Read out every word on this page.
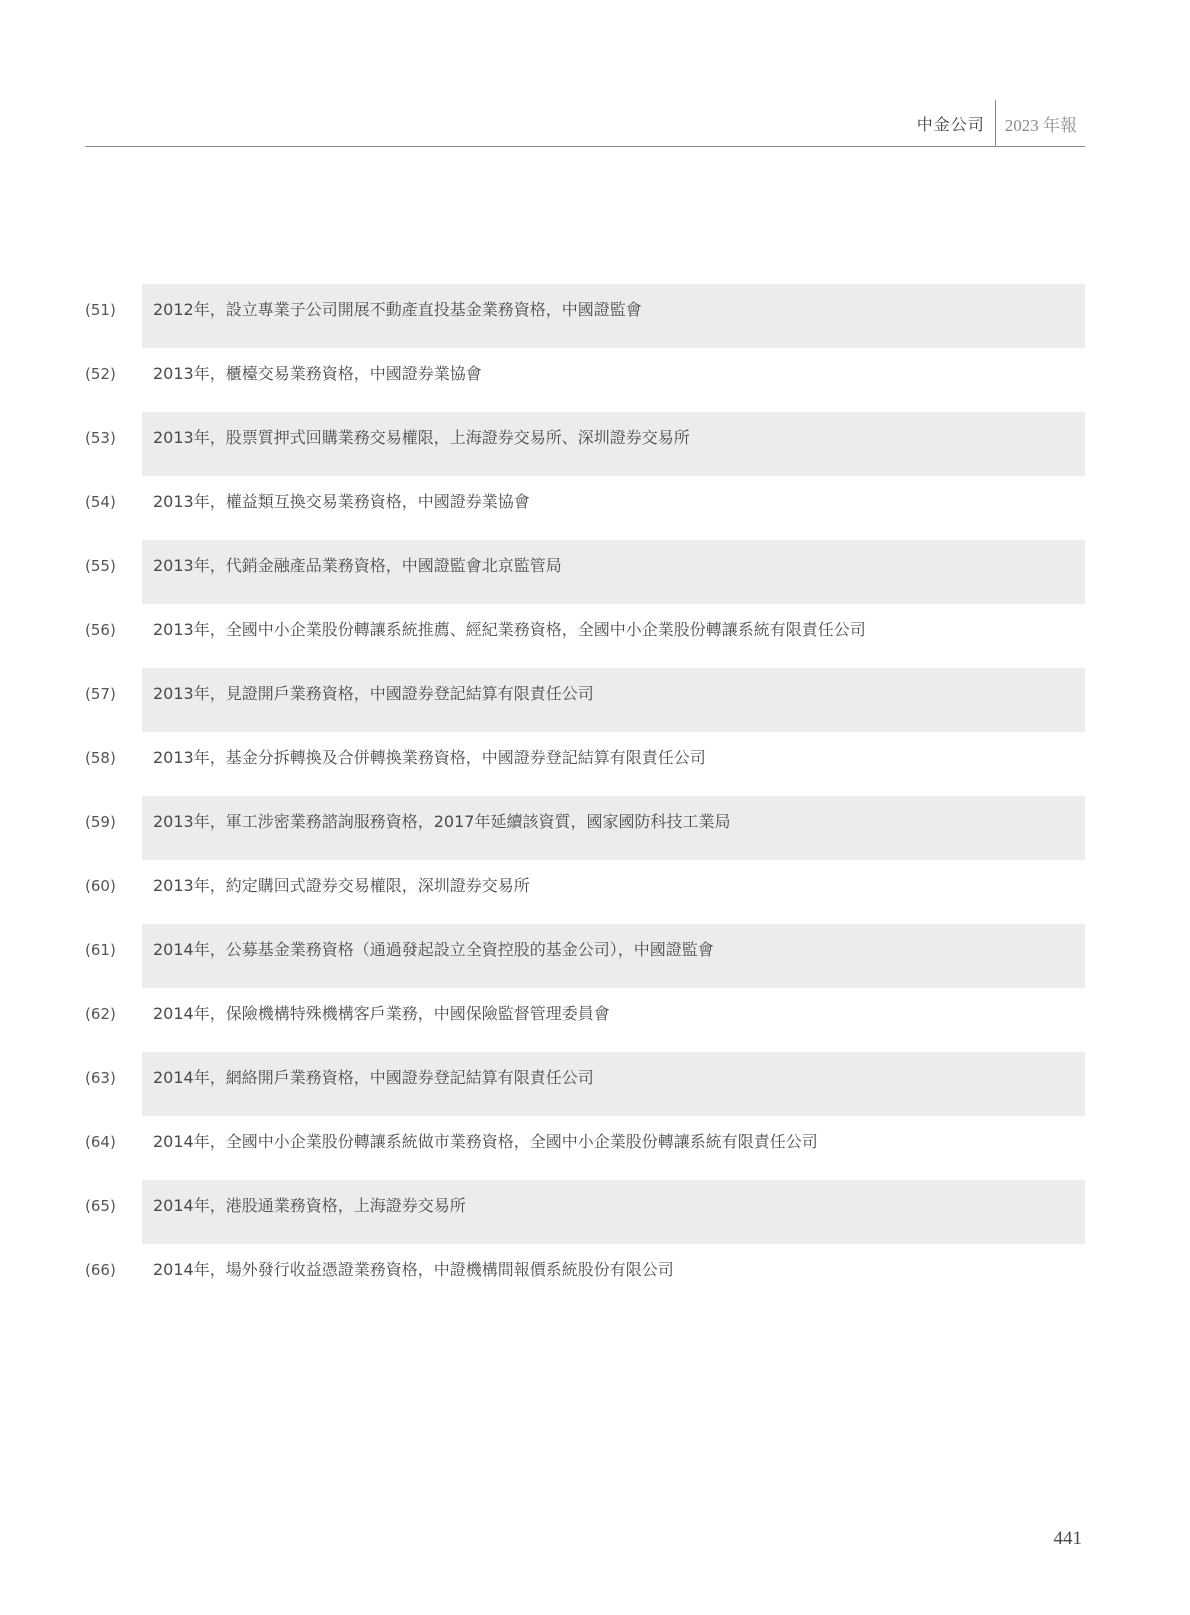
中金公司	2023 年報
(51) 2012年，設立專業子公司開展不動產直投基金業務資格，中國證監會
(52) 2013年，櫃檯交易業務資格，中國證券業協會
(53) 2013年，股票質押式回購業務交易權限，上海證券交易所、深圳證券交易所
(54) 2013年，權益類互換交易業務資格，中國證券業協會
(55) 2013年，代銷金融產品業務資格，中國證監會北京監管局
(56) 2013年，全國中小企業股份轉讓系統推薦、經紀業務資格，全國中小企業股份轉讓系統有限責任公司
(57) 2013年，見證開戶業務資格，中國證券登記結算有限責任公司
(58) 2013年，基金分拆轉換及合併轉換業務資格，中國證券登記結算有限責任公司
(59) 2013年，軍工涉密業務諮詢服務資格，2017年延續該資質，國家國防科技工業局
(60) 2013年，約定購回式證券交易權限，深圳證券交易所
(61) 2014年，公募基金業務資格（通過發起設立全資控股的基金公司），中國證監會
(62) 2014年，保險機構特殊機構客戶業務，中國保險監督管理委員會
(63) 2014年，網絡開戶業務資格，中國證券登記結算有限責任公司
(64) 2014年，全國中小企業股份轉讓系統做市業務資格，全國中小企業股份轉讓系統有限責任公司
(65) 2014年，港股通業務資格，上海證券交易所
(66) 2014年，場外發行收益憑證業務資格，中證機構間報價系統股份有限公司
441
